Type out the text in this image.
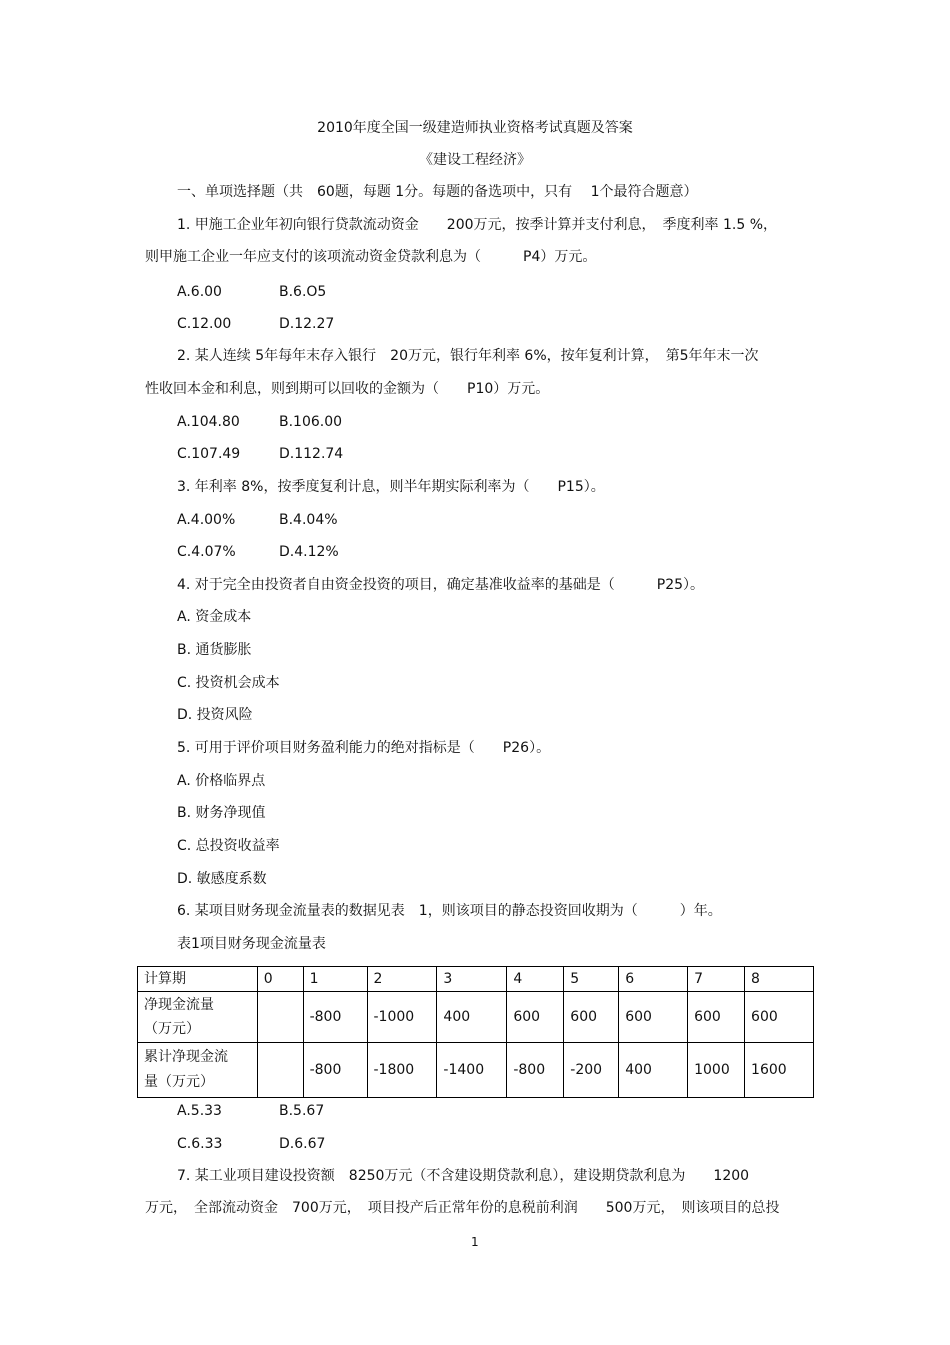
2010年度全国一级建造师执业资格考试真题及答案
《建设工程经济》
一、单项选择题（共　60题，每题 1分。每题的备选项中，只有　 1个最符合题意）
1. 甲施工企业年初向银行贷款流动资金　　200万元，按季计算并支付利息，　季度利率 1.5 %，
则甲施工企业一年应支付的该项流动资金贷款利息为（　　　P4）万元。
A.6.00	B.6.O5
C.12.00	D.12.27
2. 某人连续 5年每年末存入银行　20万元，银行年利率 6%，按年复利计算，　第5年年末一次
性收回本金和利息，则到期可以回收的金额为（　　P10）万元。
A.104.80	B.106.00
C.107.49	D.112.74
3. 年利率 8%，按季度复利计息，则半年期实际利率为（　　P15）。
A.4.00%	B.4.04%
C.4.07%	D.4.12%
4. 对于完全由投资者自由资金投资的项目，确定基准收益率的基础是（　　　P25）。
A. 资金成本
B. 通货膨胀
C. 投资机会成本
D. 投资风险
5. 可用于评价项目财务盈利能力的绝对指标是（　　P26）。
A. 价格临界点
B. 财务净现值
C. 总投资收益率
D. 敏感度系数
6. 某项目财务现金流量表的数据见表　1，则该项目的静态投资回收期为（　　　）年。
表1项目财务现金流量表
计算期	0	1	2	3	4	5	6	7	8

净现金流量
（万元）		-800	-1000	400	600	600	600	600	600

累计净现金流
量（万元）		-800	-1800	-1400	-800	-200	400	1000	1600
A.5.33	B.5.67
C.6.33	D.6.67
7. 某工业项目建设投资额　8250万元（不含建设期贷款利息），建设期贷款利息为　　1200
万元，　全部流动资金　700万元，　项目投产后正常年份的息税前利润　　500万元，　则该项目的总投
1
